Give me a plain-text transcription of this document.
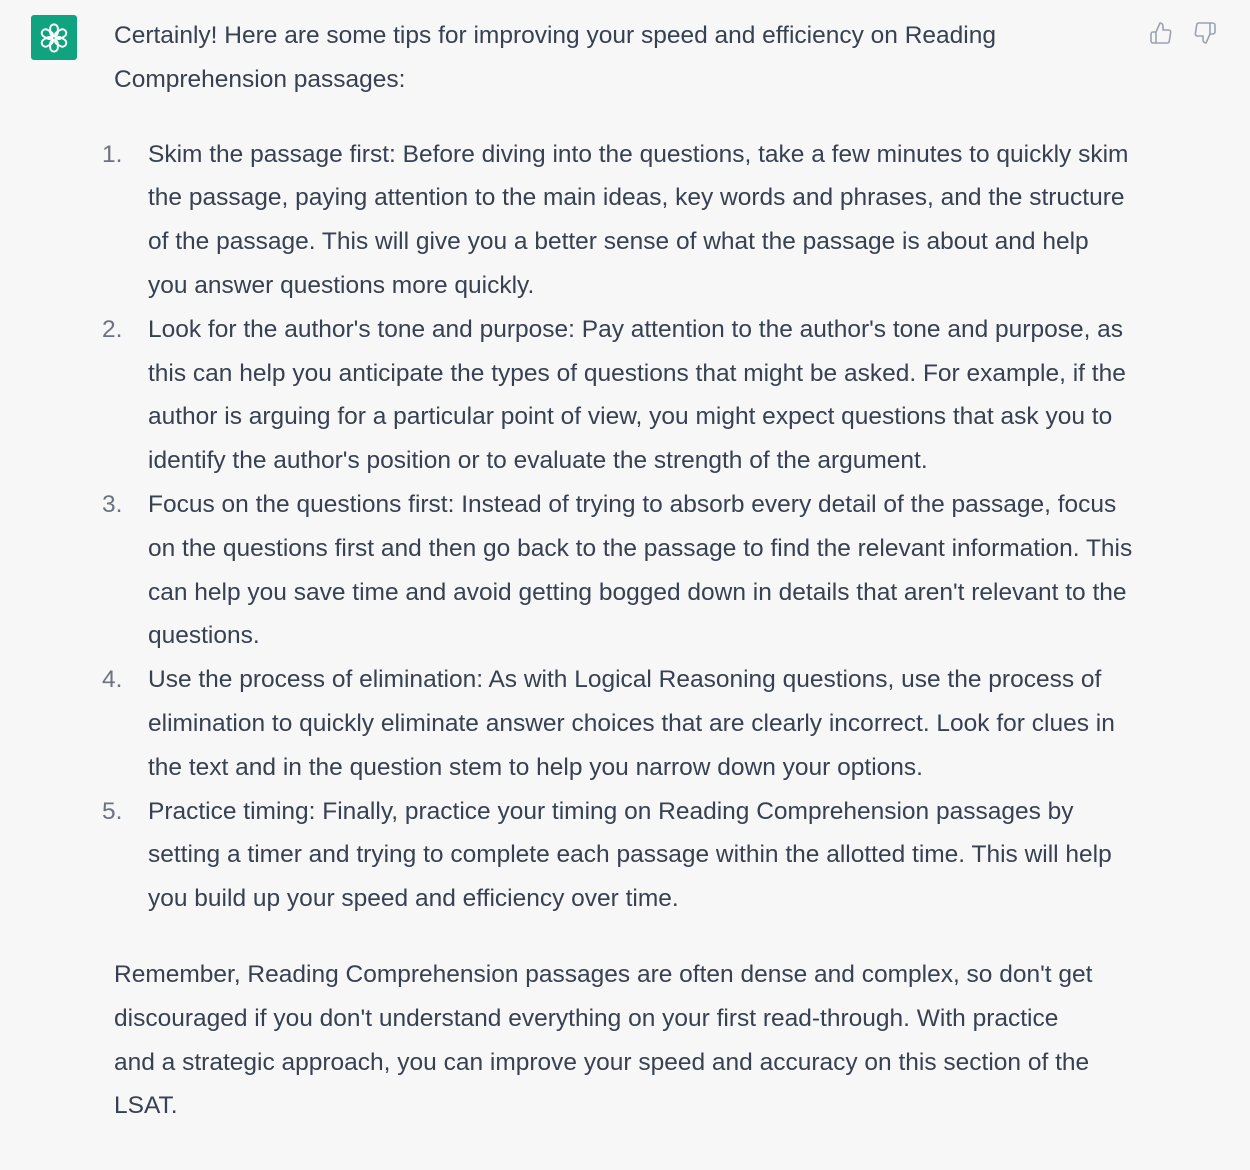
Certainly! Here are some tips for improving your speed and efficiency on Reading Comprehension passages:

1. Skim the passage first: Before diving into the questions, take a few minutes to quickly skim the passage, paying attention to the main ideas, key words and phrases, and the structure of the passage. This will give you a better sense of what the passage is about and help you answer questions more quickly.
2. Look for the author's tone and purpose: Pay attention to the author's tone and purpose, as this can help you anticipate the types of questions that might be asked. For example, if the author is arguing for a particular point of view, you might expect questions that ask you to identify the author's position or to evaluate the strength of the argument.
3. Focus on the questions first: Instead of trying to absorb every detail of the passage, focus on the questions first and then go back to the passage to find the relevant information. This can help you save time and avoid getting bogged down in details that aren't relevant to the questions.
4. Use the process of elimination: As with Logical Reasoning questions, use the process of elimination to quickly eliminate answer choices that are clearly incorrect. Look for clues in the text and in the question stem to help you narrow down your options.
5. Practice timing: Finally, practice your timing on Reading Comprehension passages by setting a timer and trying to complete each passage within the allotted time. This will help you build up your speed and efficiency over time.

Remember, Reading Comprehension passages are often dense and complex, so don't get discouraged if you don't understand everything on your first read-through. With practice and a strategic approach, you can improve your speed and accuracy on this section of the LSAT.
